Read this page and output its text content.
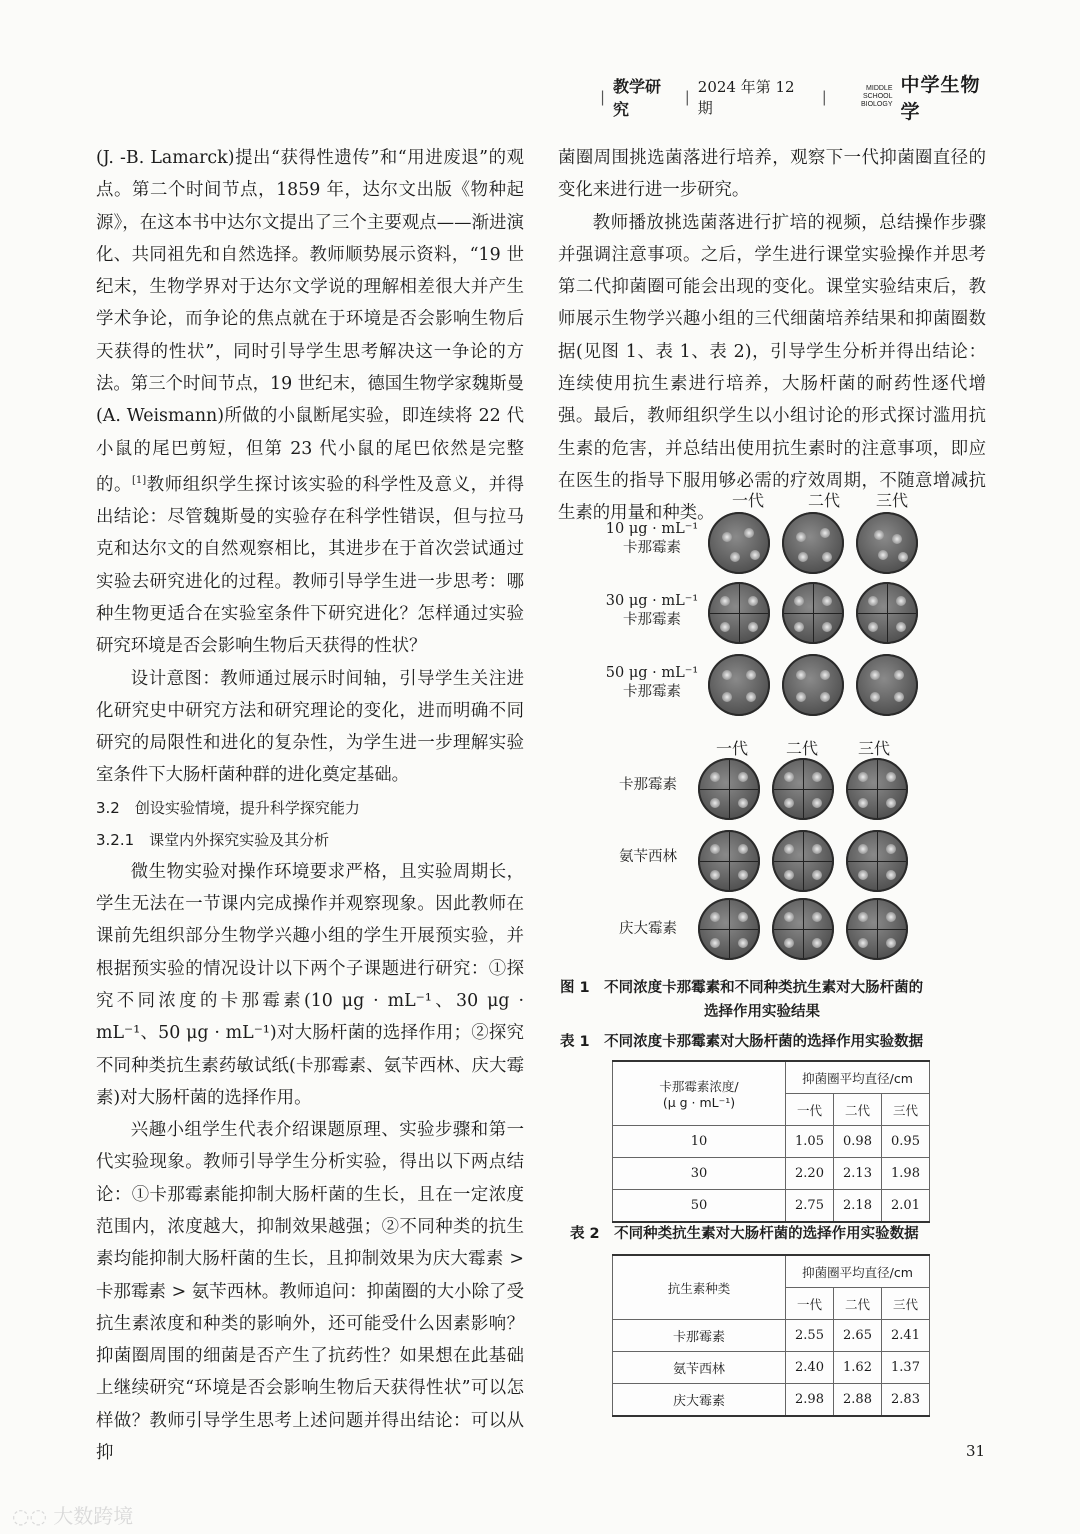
|
教学研究
|
2024 年第 12 期
|	MIDDLE SCHOOL
BIOLOGY
中学生物学

(J. -B. Lamarck)提出“获得性遗传”和“用进废退”的观点。第二个时间节点，1859 年，达尔文出版《物种起源》，在这本书中达尔文提出了三个主要观点——渐进演化、共同祖先和自然选择。教师顺势展示资料，“19 世纪末，生物学界对于达尔文学说的理解相差很大并产生学术争论，而争论的焦点就在于环境是否会影响生物后天获得的性状”，同时引导学生思考解决这一争论的方法。第三个时间节点，19 世纪末，德国生物学家魏斯曼(A. Weismann)所做的小鼠断尾实验，即连续将 22 代小鼠的尾巴剪短，但第 23 代小鼠的尾巴依然是完整的。[1]教师组织学生探讨该实验的科学性及意义，并得出结论：尽管魏斯曼的实验存在科学性错误，但与拉马克和达尔文的自然观察相比，其进步在于首次尝试通过实验去研究进化的过程。教师引导学生进一步思考：哪种生物更适合在实验室条件下研究进化？怎样通过实验研究环境是否会影响生物后天获得的性状？

设计意图：教师通过展示时间轴，引导学生关注进化研究史中研究方法和研究理论的变化，进而明确不同研究的局限性和进化的复杂性，为学生进一步理解实验室条件下大肠杆菌种群的进化奠定基础。

3.2　创设实验情境，提升科学探究能力
3.2.1　课堂内外探究实验及其分析

微生物实验对操作环境要求严格，且实验周期长，学生无法在一节课内完成操作并观察现象。因此教师在课前先组织部分生物学兴趣小组的学生开展预实验，并根据预实验的情况设计以下两个子课题进行研究：①探究不同浓度的卡那霉素(10 μg · mL⁻¹、30 μg · mL⁻¹、50 μg · mL⁻¹)对大肠杆菌的选择作用；②探究不同种类抗生素药敏试纸(卡那霉素、氨苄西林、庆大霉素)对大肠杆菌的选择作用。

兴趣小组学生代表介绍课题原理、实验步骤和第一代实验现象。教师引导学生分析实验，得出以下两点结论：①卡那霉素能抑制大肠杆菌的生长，且在一定浓度范围内，浓度越大，抑制效果越强；②不同种类的抗生素均能抑制大肠杆菌的生长，且抑制效果为庆大霉素 > 卡那霉素 > 氨苄西林。教师追问：抑菌圈的大小除了受抗生素浓度和种类的影响外，还可能受什么因素影响？抑菌圈周围的细菌是否产生了抗药性？如果想在此基础上继续研究“环境是否会影响生物后天获得性状”可以怎样做？教师引导学生思考上述问题并得出结论：可以从抑

菌圈周围挑选菌落进行培养，观察下一代抑菌圈直径的变化来进行进一步研究。

教师播放挑选菌落进行扩培的视频，总结操作步骤并强调注意事项。之后，学生进行课堂实验操作并思考第二代抑菌圈可能会出现的变化。课堂实验结束后，教师展示生物学兴趣小组的三代细菌培养结果和抑菌圈数据(见图 1、表 1、表 2)，引导学生分析并得出结论：连续使用抗生素进行培养，大肠杆菌的耐药性逐代增强。最后，教师组织学生以小组讨论的形式探讨滥用抗生素的危害，并总结出使用抗生素时的注意事项，即应在医生的指导下服用够必需的疗效周期，不随意增减抗生素的用量和种类。

一代	二代 三代
10 μg · mL⁻¹
卡那霉素
30 μg · mL⁻¹
卡那霉素
50 μg · mL⁻¹
卡那霉素
一代 二代 三代
卡那霉素
氨苄西林
庆大霉素
图 1　 不同浓度卡那霉素和不同种类抗生素对大肠杆菌的
选择作用实验结果
表 1　 不同浓度卡那霉素对大肠杆菌的选择作用实验数据
卡那霉素浓度/
(μ g · mL⁻¹)	抑菌圈平均直径/cm		
	一代	二代	三代
10	1.05	0.98	0.95
30	2.20	2.13	1.98
50	2.75	2.18	2.01
表 2　 不同种类抗生素对大肠杆菌的选择作用实验数据
抗生素种类	抑菌圈平均直径/cm		
	一代	二代	三代
卡那霉素	2.55	2.65	2.41
氨苄西林	2.40	1.62	1.37
庆大霉素	2.98	2.88	2.83
31
◌◌ 大数跨境
